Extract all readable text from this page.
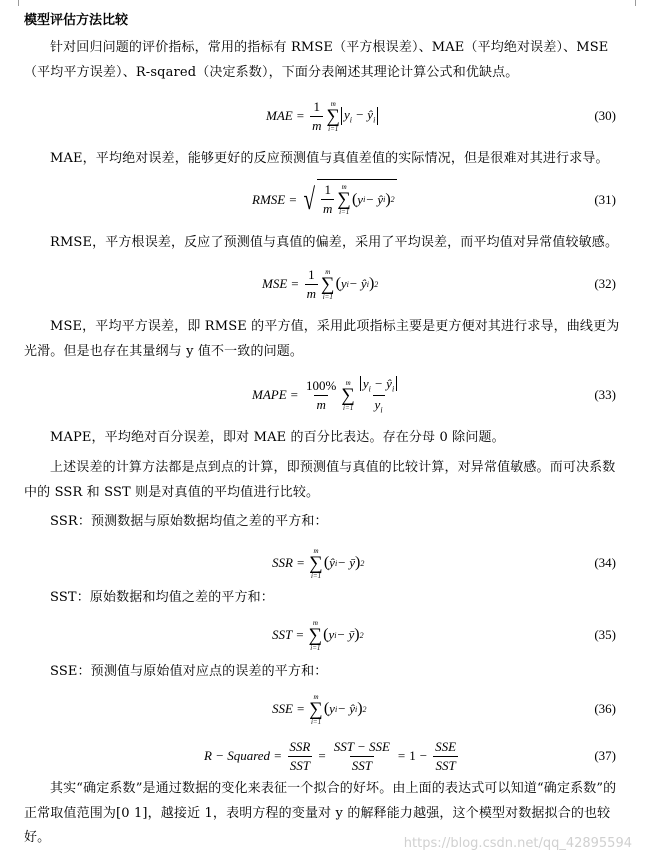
模型评估方法比较
针对回归问题的评价指标，常用的指标有 RMSE（平方根误差）、MAE（平均绝对误差）、MSE（平均平方误差）、R-sqared（决定系数），下面分表阐述其理论计算公式和优缺点。
MAE = $\frac{1}{m}$ m
∑
i=1
$y_i$ − $ŷ_i$	(30)
MAE，平均绝对误差，能够更好的反应预测值与真值差值的实际情况，但是很难对其进行求导。
RMSE = √ $\frac{1}{m}$ m
∑
i=1
( y i − ŷ i ) 2	(31)
RMSE，平方根误差，反应了预测值与真值的偏差，采用了平均误差，而平均值对异常值较敏感。
MSE = $\frac{1}{m}$ m
∑
i=1
( y i − ŷ i ) 2	(32)
MSE，平均平方误差，即 RMSE 的平方值，采用此项指标主要是更方便对其进行求导，曲线更为光滑。但是也存在其量纲与 y 值不一致的问题。
MAPE = $\frac{100\%}{m}$ m
∑
$i=1 \frac{y_i - ŷ_i}{y_i}$	(33)
MAPE，平均绝对百分误差，即对 MAE 的百分比表达。存在分母 0 除问题。
上述误差的计算方法都是点到点的计算，即预测值与真值的比较计算，对异常值敏感。而可决系数中的 SSR 和 SST 则是对真值的平均值进行比较。
SSR：预测数据与原始数据均值之差的平方和：
SSR =
m
∑
i=1
( ŷ i − ȳ ) 2	(34)
SST：原始数据和均值之差的平方和：
SST =
m
∑
i=1
( y i − ȳ ) 2	(35)
SSE：预测值与原始值对应点的误差的平方和：
SSE =
m
∑
i=1
( y i − ŷ i ) 2	(36)
R − Squared = $\frac{\text{SSR}}{\text{SST}} = \frac{\text{SST − SSE}}{\text{SST}} = 1 - \frac{\text{SSE}}{\text{SST}}$	(37)
其实“确定系数”是通过数据的变化来表征一个拟合的好坏。由上面的表达式可以知道“确定系数”的正常取值范围为[0 1]，越接近 1，表明方程的变量对 y 的解释能力越强，这个模型对数据拟合的也较好。	https://blog.csdn.net/qq_42895594
